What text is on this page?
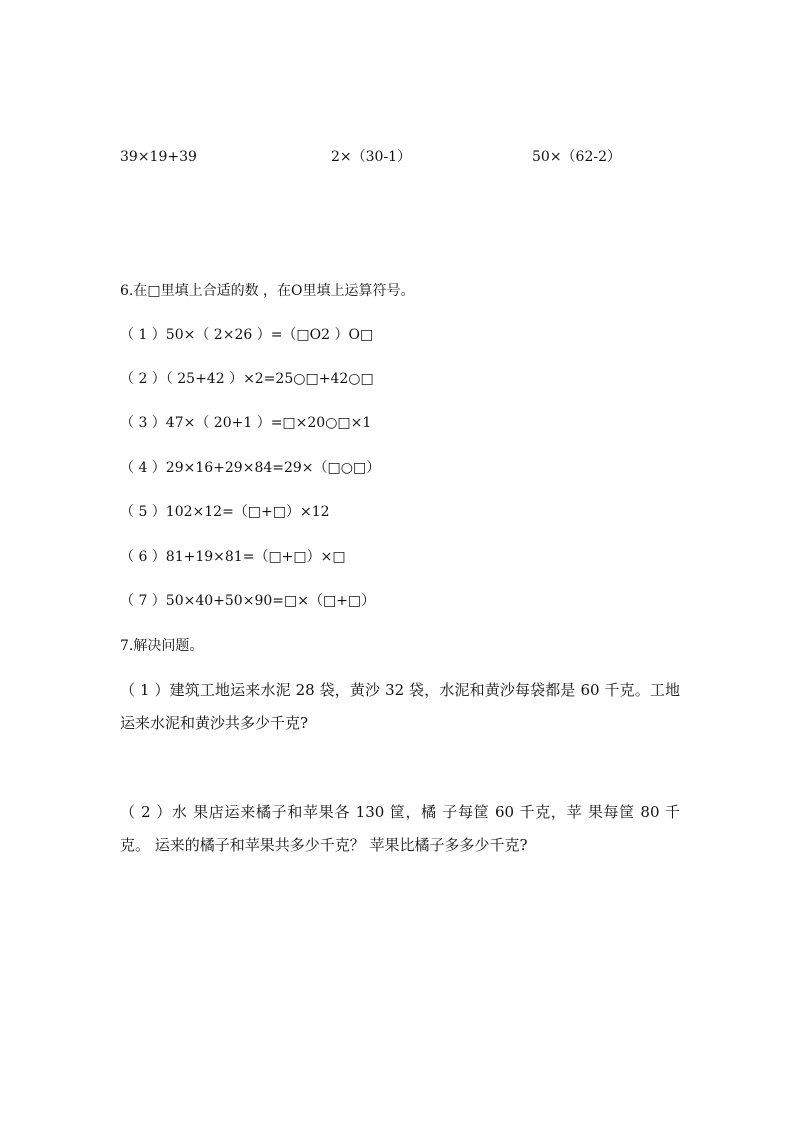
39×19+39	2×（30-1）	50×（62-2）
6.在□里填上合适的数 ，在O里填上运算符号。
（ 1 ）50×（ 2×26 ）=（□O2 ）O□
（ 2 ）（ 25+42 ）×2=25○□+42○□
（ 3 ）47×（ 20+1 ）=□×20○□×1
（ 4 ）29×16+29×84=29×（□○□）
（ 5 ）102×12=（□+□）×12
（ 6 ）81+19×81=（□+□）×□
（ 7 ）50×40+50×90=□×（□+□）
7.解决问题。
（ 1 ）建筑工地运来水泥 28 袋，黄沙 32 袋，水泥和黄沙每袋都是 60 千克。工地运来水泥和黄沙共多少千克?
（ 2 ）水 果店运来橘子和苹果各 130 筐，橘 子每筐 60 千克，苹 果每筐 80 千克。 运来的橘子和苹果共多少千克？ 苹果比橘子多多少千克?
